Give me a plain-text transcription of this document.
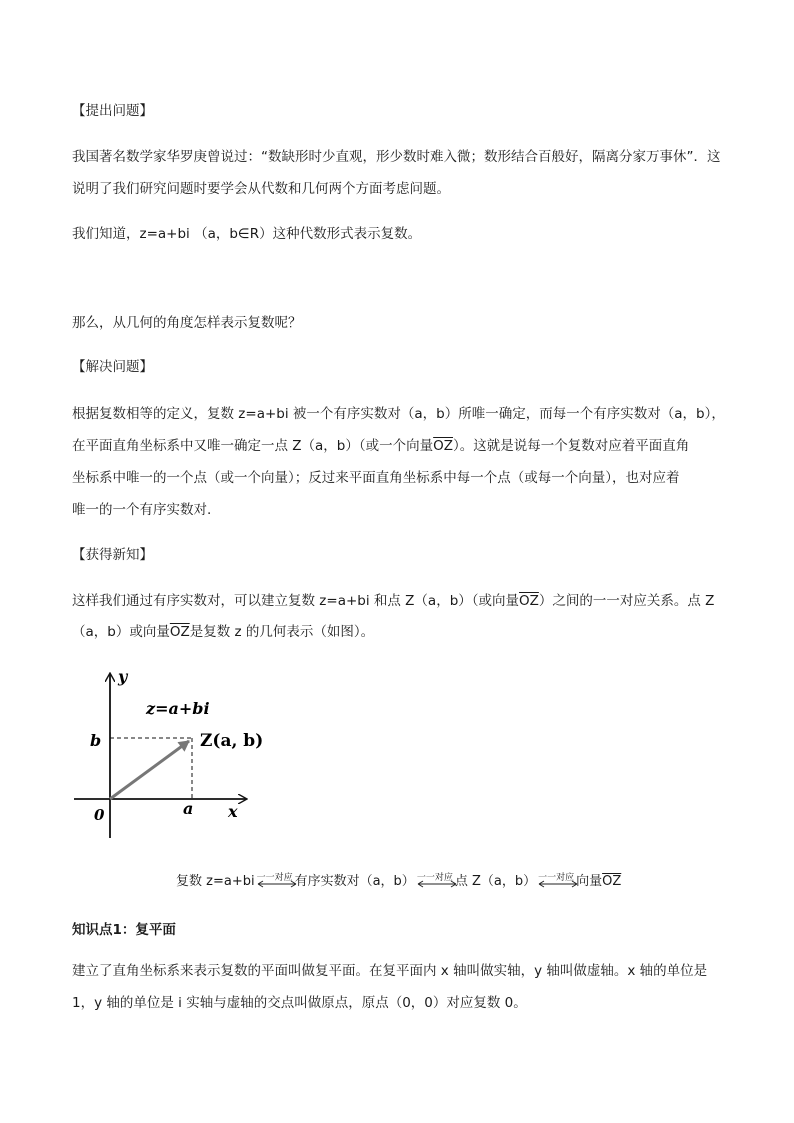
【提出问题】
我国著名数学家华罗庚曾说过：“数缺形时少直观，形少数时难入微；数形结合百般好，隔离分家万事休”．这
说明了我们研究问题时要学会从代数和几何两个方面考虑问题。
我们知道，z=a+bi （a，b∈R）这种代数形式表示复数。
那么，从几何的角度怎样表示复数呢？
【解决问题】
根据复数相等的定义，复数 z=a+bi 被一个有序实数对（a，b）所唯一确定，而每一个有序实数对（a，b），
在平面直角坐标系中又唯一确定一点 Z（a，b）（或一个向量$\overline{OZ}$）。这就是说每一个复数对应着平面直角
坐标系中唯一的一个点（或一个向量）；反过来平面直角坐标系中每一个点（或每一个向量），也对应着
唯一的一个有序实数对.
【获得新知】
这样我们通过有序实数对，可以建立复数 z=a+bi 和点 Z（a，b）（或向量$\overline{OZ}$）之间的一一对应关系。点 Z
（a，b）或向量$\overline{OZ}$是复数 z 的几何表示（如图）。
y
x
0
b
a
z=a+bi
Z(a, b)
复数 z=a+bi 一一对应 有序实数对（a，b） 一一对应 点 Z（a，b） 一一对应 向量$\overline{OZ}$
知识点1：复平面
建立了直角坐标系来表示复数的平面叫做复平面。在复平面内 x 轴叫做实轴，y 轴叫做虚轴。x 轴的单位是
1，y 轴的单位是 i 实轴与虚轴的交点叫做原点，原点（0，0）对应复数 0。
